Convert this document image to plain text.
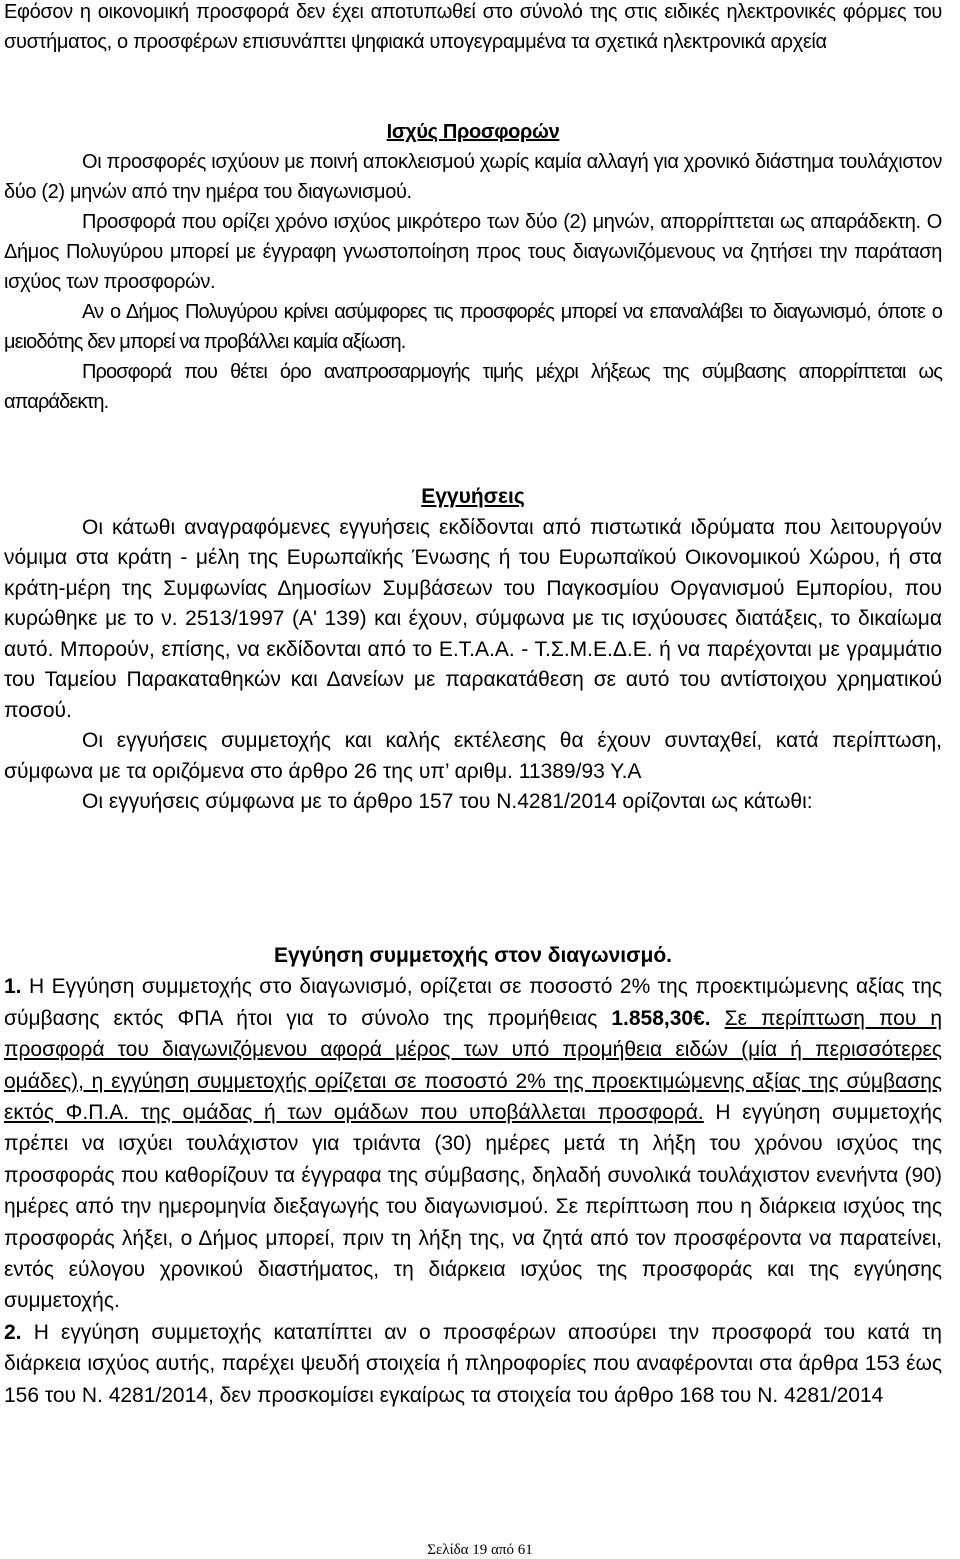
Εφόσον η οικονομική προσφορά δεν έχει αποτυπωθεί στο σύνολό της στις ειδικές ηλεκτρονικές φόρμες του συστήματος, ο προσφέρων επισυνάπτει ψηφιακά υπογεγραμμένα τα σχετικά ηλεκτρονικά αρχεία

Ισχύς Προσφορών
Οι προσφορές ισχύουν με ποινή αποκλεισμού χωρίς καμία αλλαγή για χρονικό διάστημα τουλάχιστον δύο (2) μηνών από την ημέρα του διαγωνισμού.
Προσφορά που ορίζει χρόνο ισχύος μικρότερο των δύο (2) μηνών, απορρίπτεται ως απαράδεκτη. Ο Δήμος Πολυγύρου μπορεί με έγγραφη γνωστοποίηση προς τους διαγωνιζόμενους να ζητήσει την παράταση ισχύος των προσφορών.
Αν ο Δήμος Πολυγύρου κρίνει ασύμφορες τις προσφορές μπορεί να επαναλάβει το διαγωνισμό, όποτε ο μειοδότης δεν μπορεί να προβάλλει καμία αξίωση.
Προσφορά που θέτει όρο αναπροσαρμογής τιμής μέχρι λήξεως της σύμβασης απορρίπτεται ως απαράδεκτη.

Εγγυήσεις
Οι κάτωθι αναγραφόμενες εγγυήσεις εκδίδονται από πιστωτικά ιδρύματα που λειτουργούν νόμιμα στα κράτη - μέλη της Ευρωπαϊκής Ένωσης ή του Ευρωπαϊκού Οικονομικού Χώρου, ή στα κράτη-μέρη της Συμφωνίας Δημοσίων Συμβάσεων του Παγκοσμίου Οργανισμού Εμπορίου, που κυρώθηκε με το ν. 2513/1997 (Α' 139) και έχουν, σύμφωνα με τις ισχύουσες διατάξεις, το δικαίωμα αυτό. Μπορούν, επίσης, να εκδίδονται από το Ε.Τ.Α.Α. - Τ.Σ.Μ.Ε.Δ.Ε. ή να παρέχονται με γραμμάτιο του Ταμείου Παρακαταθηκών και Δανείων με παρακατάθεση σε αυτό του αντίστοιχου χρηματικού ποσού.
Οι εγγυήσεις συμμετοχής και καλής εκτέλεσης θα έχουν συνταχθεί, κατά περίπτωση, σύμφωνα με τα οριζόμενα στο άρθρο 26 της υπ’ αριθμ. 11389/93 Υ.Α
Οι εγγυήσεις σύμφωνα με το άρθρο 157 του Ν.4281/2014 ορίζονται ως κάτωθι:

Εγγύηση συμμετοχής στον διαγωνισμό.
1. Η Εγγύηση συμμετοχής στο διαγωνισμό, ορίζεται σε ποσοστό 2% της προεκτιμώμενης αξίας της σύμβασης εκτός ΦΠΑ ήτοι για το σύνολο της προμήθειας 1.858,30€. Σε περίπτωση που η προσφορά του διαγωνιζόμενου αφορά μέρος των υπό προμήθεια ειδών (μία ή περισσότερες ομάδες), η εγγύηση συμμετοχής ορίζεται σε ποσοστό 2% της προεκτιμώμενης αξίας της σύμβασης εκτός Φ.Π.Α. της ομάδας ή των ομάδων που υποβάλλεται προσφορά. Η εγγύηση συμμετοχής πρέπει να ισχύει τουλάχιστον για τριάντα (30) ημέρες μετά τη λήξη του χρόνου ισχύος της προσφοράς που καθορίζουν τα έγγραφα της σύμβασης, δηλαδή συνολικά τουλάχιστον ενενήντα (90) ημέρες από την ημερομηνία διεξαγωγής του διαγωνισμού. Σε περίπτωση που η διάρκεια ισχύος της προσφοράς λήξει, ο Δήμος μπορεί, πριν τη λήξη της, να ζητά από τον προσφέροντα να παρατείνει, εντός εύλογου χρονικού διαστήματος, τη διάρκεια ισχύος της προσφοράς και της εγγύησης συμμετοχής.
2. Η εγγύηση συμμετοχής καταπίπτει αν ο προσφέρων αποσύρει την προσφορά του κατά τη διάρκεια ισχύος αυτής, παρέχει ψευδή στοιχεία ή πληροφορίες που αναφέρονται στα άρθρα 153 έως 156 του Ν. 4281/2014, δεν προσκομίσει εγκαίρως τα στοιχεία του άρθρο 168 του Ν. 4281/2014
Σελίδα 19 από 61
